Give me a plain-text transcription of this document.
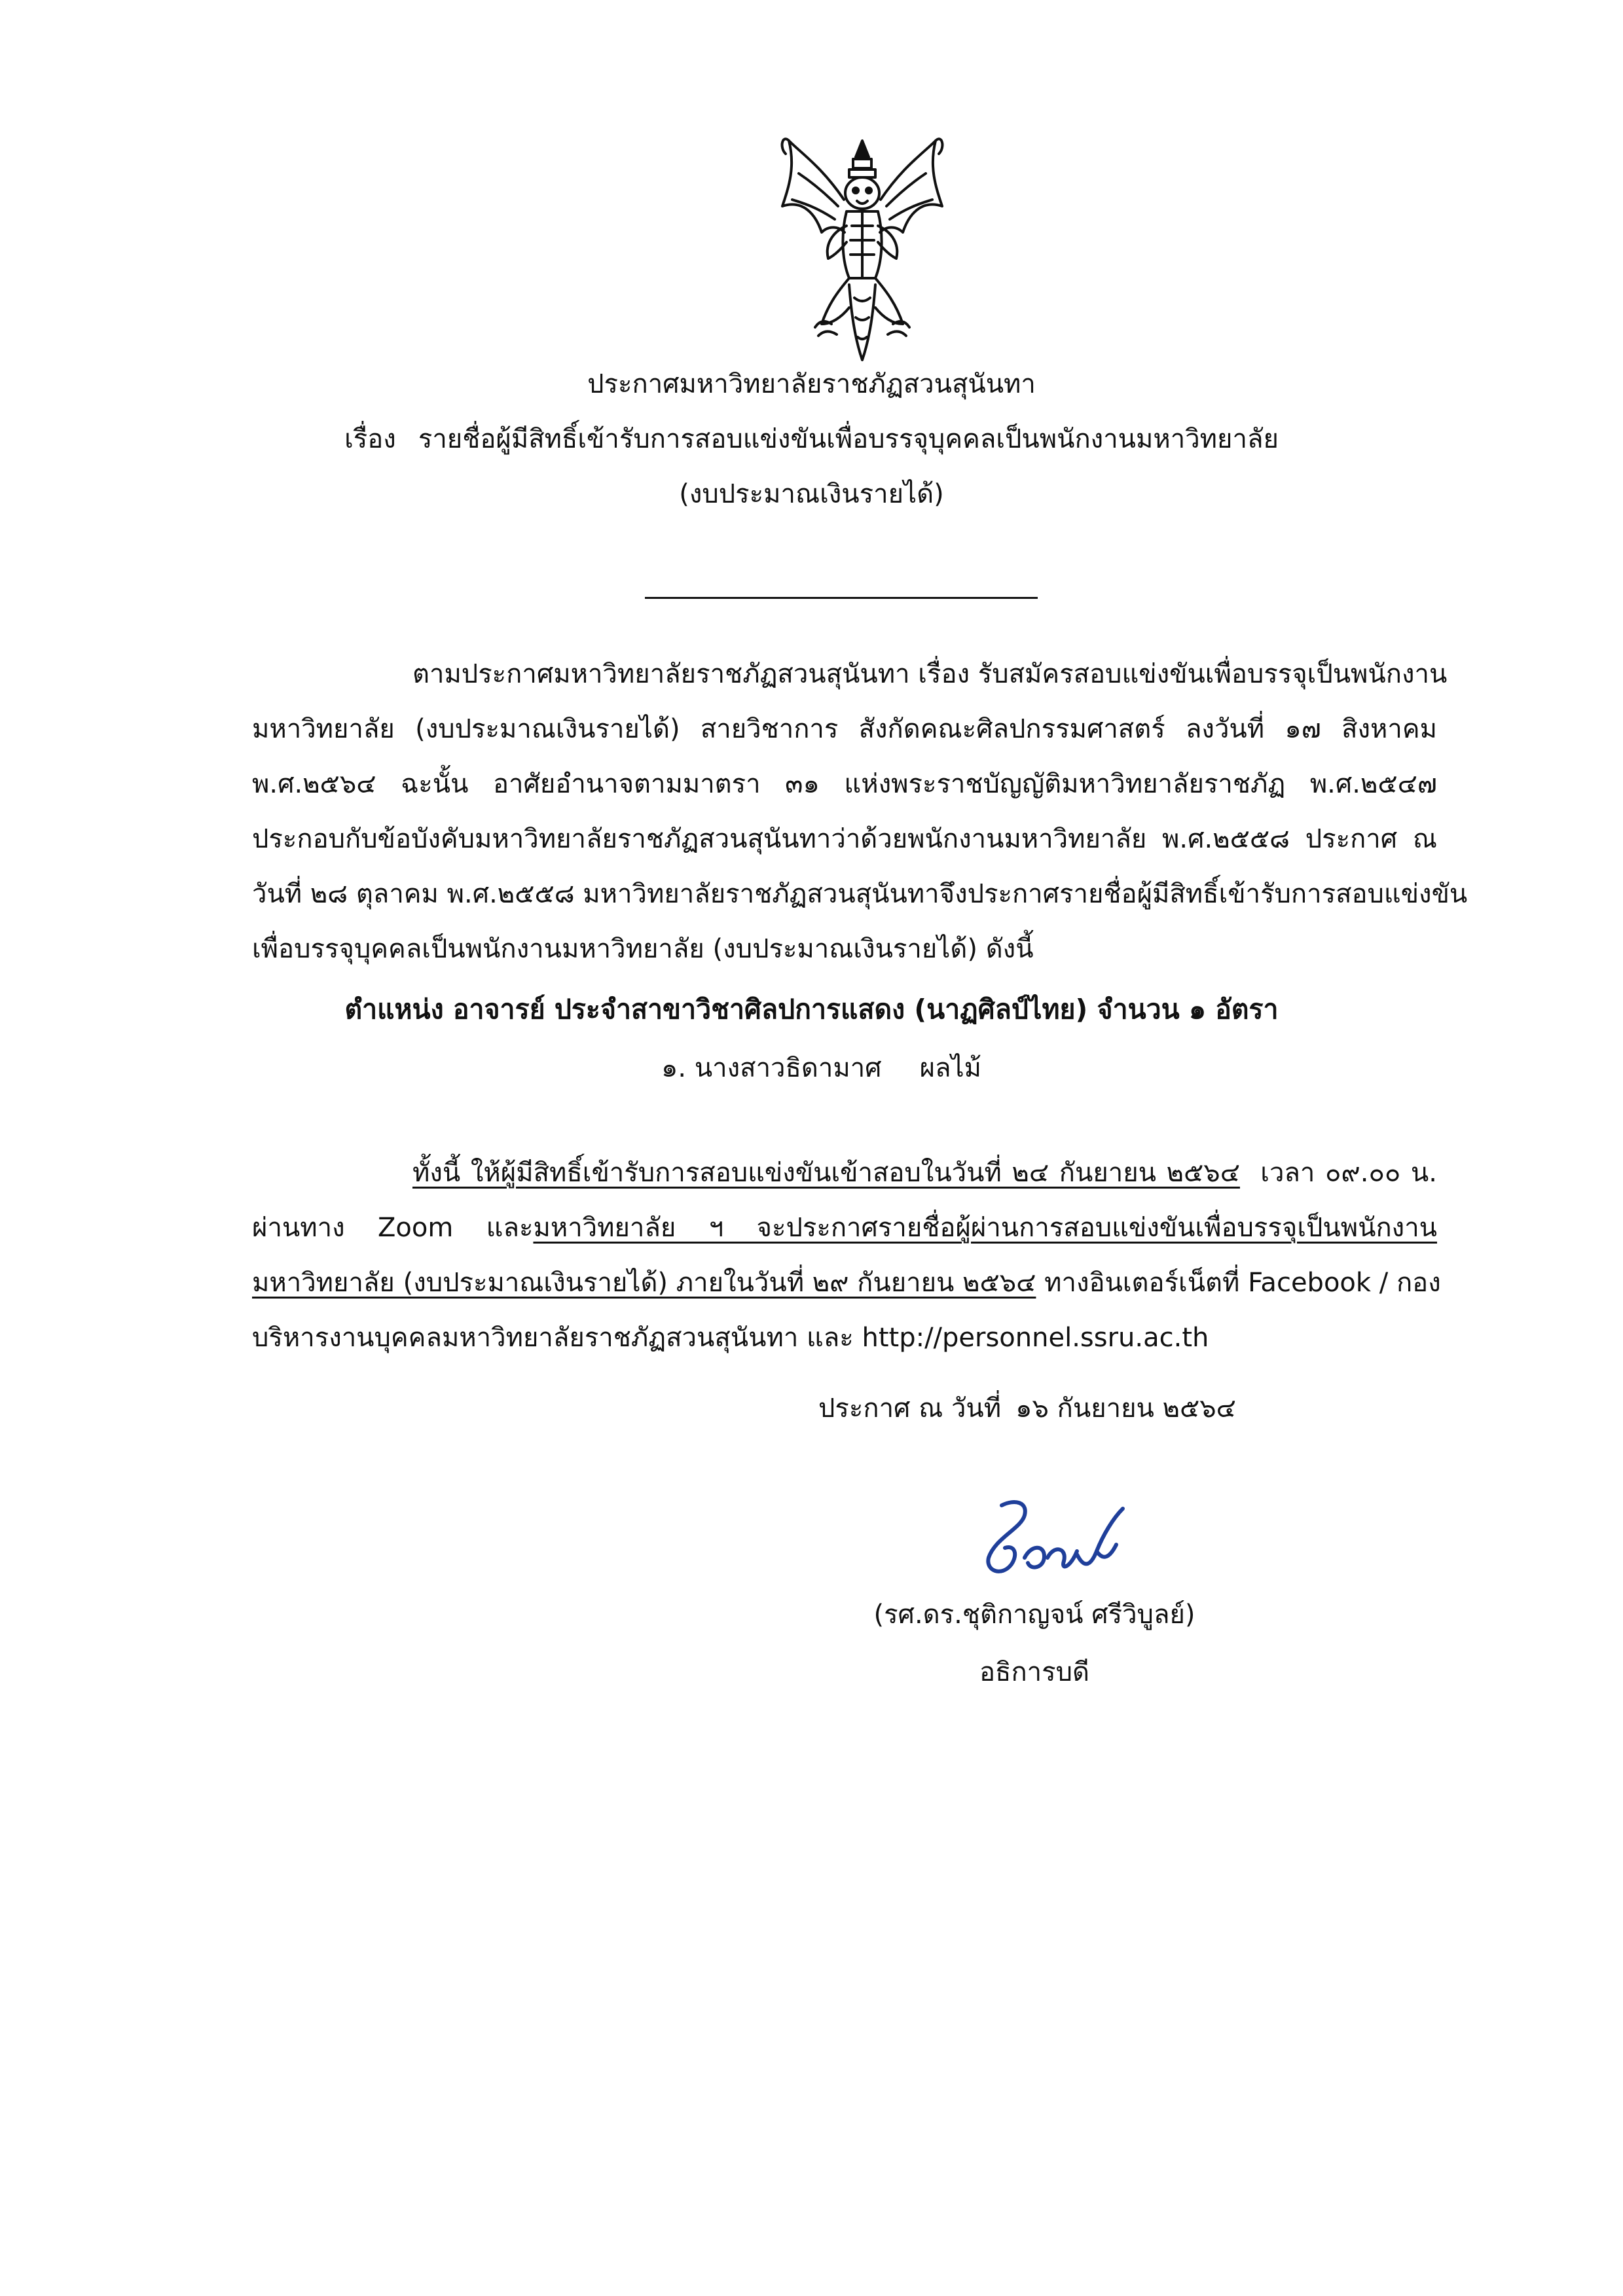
ประกาศมหาวิทยาลัยราชภัฏสวนสุนันทา
เรื่อง รายชื่อผู้มีสิทธิ์เข้ารับการสอบแข่งขันเพื่อบรรจุบุคคลเป็นพนักงานมหาวิทยาลัย
(งบประมาณเงินรายได้)
ตามประกาศมหาวิทยาลัยราชภัฏสวนสุนันทา เรื่อง รับสมัครสอบแข่งขันเพื่อบรรจุเป็นพนักงาน
มหาวิทยาลัย (งบประมาณเงินรายได้) สายวิชาการ สังกัดคณะศิลปกรรมศาสตร์ ลงวันที่ ๑๗ สิงหาคม
พ.ศ.๒๕๖๔ ฉะนั้น อาศัยอำนาจตามมาตรา ๓๑ แห่งพระราชบัญญัติมหาวิทยาลัยราชภัฏ พ.ศ.๒๕๔๗
ประกอบกับข้อบังคับมหาวิทยาลัยราชภัฏสวนสุนันทาว่าด้วยพนักงานมหาวิทยาลัย พ.ศ.๒๕๕๘ ประกาศ ณ
วันที่ ๒๘ ตุลาคม พ.ศ.๒๕๕๘ มหาวิทยาลัยราชภัฏสวนสุนันทาจึงประกาศรายชื่อผู้มีสิทธิ์เข้ารับการสอบแข่งขัน
เพื่อบรรจุบุคคลเป็นพนักงานมหาวิทยาลัย (งบประมาณเงินรายได้) ดังนี้
ตำแหน่ง อาจารย์ ประจำสาขาวิชาศิลปการแสดง (นาฏศิลป์ไทย) จำนวน ๑ อัตรา
๑. นางสาวธิดามาศ ผลไม้
ทั้งนี้ ให้ผู้มีสิทธิ์เข้ารับการสอบแข่งขันเข้าสอบในวันที่ ๒๔ กันยายน ๒๕๖๔ เวลา ๐๙.๐๐ น.
ผ่านทาง Zoom และมหาวิทยาลัย ฯ จะประกาศรายชื่อผู้ผ่านการสอบแข่งขันเพื่อบรรจุเป็นพนักงาน
มหาวิทยาลัย (งบประมาณเงินรายได้) ภายในวันที่ ๒๙ กันยายน ๒๕๖๔ ทางอินเตอร์เน็ตที่ Facebook / กอง
บริหารงานบุคคลมหาวิทยาลัยราชภัฏสวนสุนันทา และ http://personnel.ssru.ac.th
ประกาศ ณ วันที่ ๑๖ กันยายน ๒๕๖๔
(รศ.ดร.ชุติกาญจน์ ศรีวิบูลย์)
อธิการบดี
